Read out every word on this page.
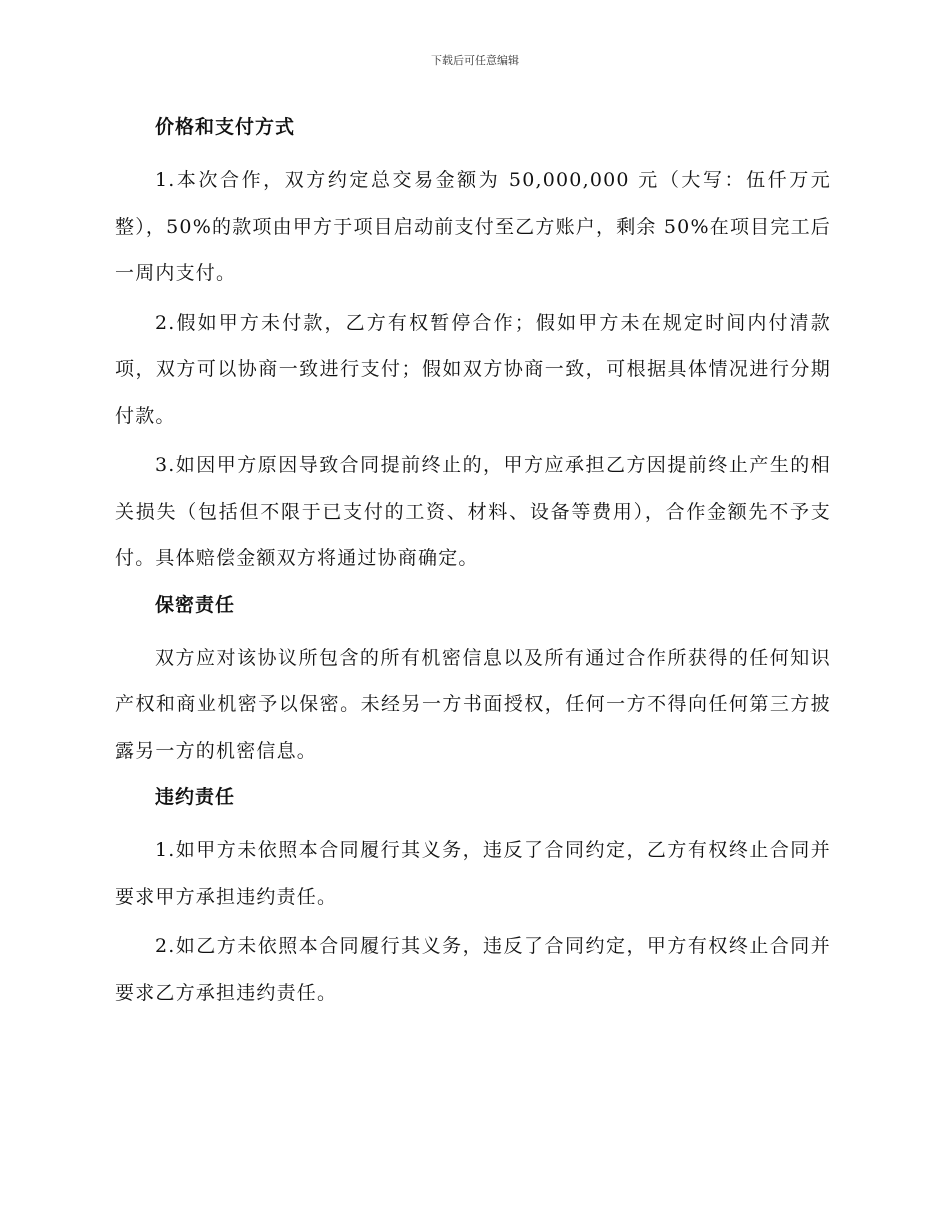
下载后可任意编辑
价格和支付方式

1.本次合作，双方约定总交易金额为 50,000,000 元（大写：伍仟万元整），50%的款项由甲方于项目启动前支付至乙方账户，剩余 50%在项目完工后一周内支付。

2.假如甲方未付款，乙方有权暂停合作；假如甲方未在规定时间内付清款项，双方可以协商一致进行支付；假如双方协商一致，可根据具体情况进行分期付款。

3.如因甲方原因导致合同提前终止的，甲方应承担乙方因提前终止产生的相关损失（包括但不限于已支付的工资、材料、设备等费用），合作金额先不予支付。具体赔偿金额双方将通过协商确定。

保密责任

双方应对该协议所包含的所有机密信息以及所有通过合作所获得的任何知识产权和商业机密予以保密。未经另一方书面授权，任何一方不得向任何第三方披露另一方的机密信息。

违约责任

1.如甲方未依照本合同履行其义务，违反了合同约定，乙方有权终止合同并要求甲方承担违约责任。

2.如乙方未依照本合同履行其义务，违反了合同约定，甲方有权终止合同并要求乙方承担违约责任。
